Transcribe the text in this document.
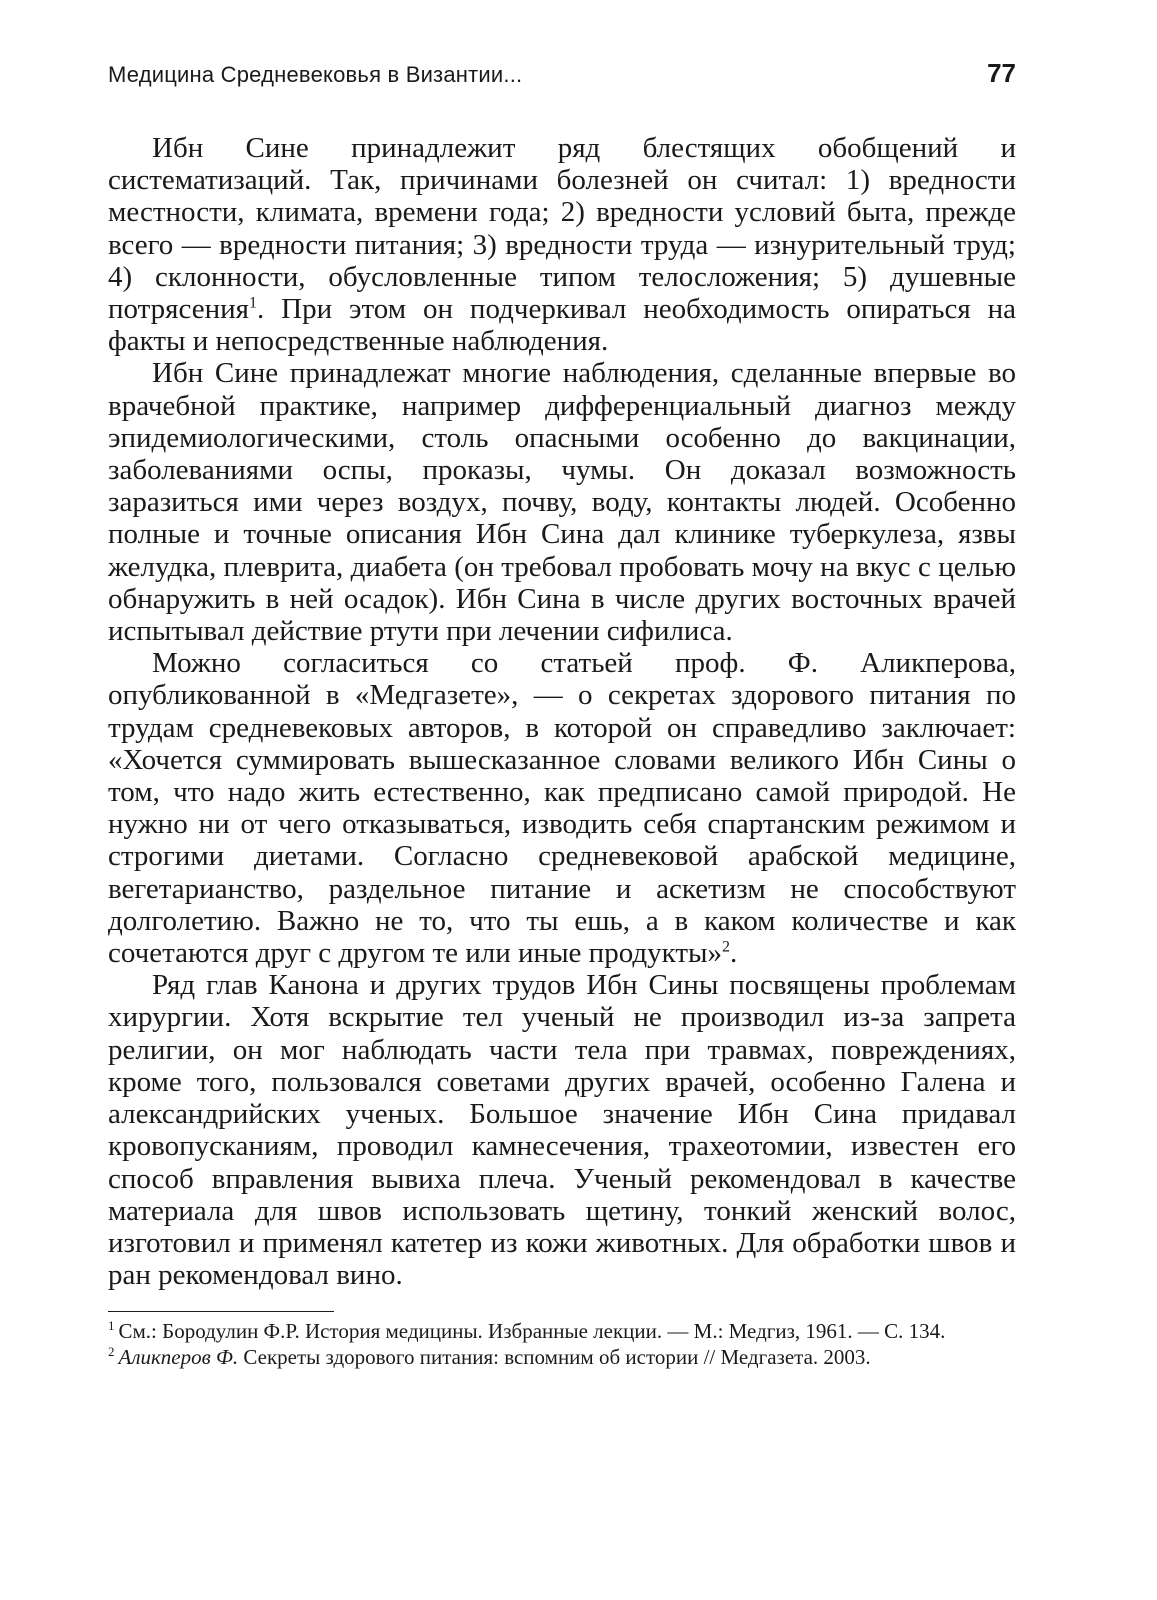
Медицина Средневековья в Византии...	77

Ибн Сине принадлежит ряд блестящих обобщений и систематизаций. Так, причинами болезней он считал: 1) вредности местности, климата, времени года; 2) вредности условий быта, прежде всего — вредности питания; 3) вредности труда — изнурительный труд; 4) склонности, обусловленные типом телосложения; 5) душевные потрясения$^1$. При этом он подчеркивал необходимость опираться на факты и непосредственные наблюдения.

Ибн Сине принадлежат многие наблюдения, сделанные впервые во врачебной практике, например дифференциальный диагноз между эпидемиологическими, столь опасными особенно до вакцинации, заболеваниями оспы, проказы, чумы. Он доказал возможность заразиться ими через воздух, почву, воду, контакты людей. Особенно полные и точные описания Ибн Сина дал клинике туберкулеза, язвы желудка, плеврита, диабета (он требовал пробовать мочу на вкус с целью обнаружить в ней осадок). Ибн Сина в числе других восточных врачей испытывал действие ртути при лечении сифилиса.

Можно согласиться со статьей проф. Ф. Аликперова, опубликованной в «Медгазете», — о секретах здорового питания по трудам средневековых авторов, в которой он справедливо заключает: «Хочется суммировать вышесказанное словами великого Ибн Сины о том, что надо жить естественно, как предписано самой природой. Не нужно ни от чего отказываться, изводить себя спартанским режимом и строгими диетами. Согласно средневековой арабской медицине, вегетарианство, раздельное питание и аскетизм не способствуют долголетию. Важно не то, что ты ешь, а в каком количестве и как сочетаются друг с другом те или иные продукты»$^2$.

Ряд глав Канона и других трудов Ибн Сины посвящены проблемам хирургии. Хотя вскрытие тел ученый не производил из-за запрета религии, он мог наблюдать части тела при травмах, повреждениях, кроме того, пользовался советами других врачей, особенно Галена и александрийских ученых. Большое значение Ибн Сина придавал кровопусканиям, проводил камнесечения, трахеотомии, известен его способ вправления вывиха плеча. Ученый рекомендовал в качестве материала для швов использовать щетину, тонкий женский волос, изготовил и применял катетер из кожи животных. Для обработки швов и ран рекомендовал вино.

$^1$ См.: Бородулин Ф.Р. История медицины. Избранные лекции. — М.: Медгиз, 1961. — С. 134.

$^2$ Аликперов Ф. Секреты здорового питания: вспомним об истории // Медгазета. 2003.
